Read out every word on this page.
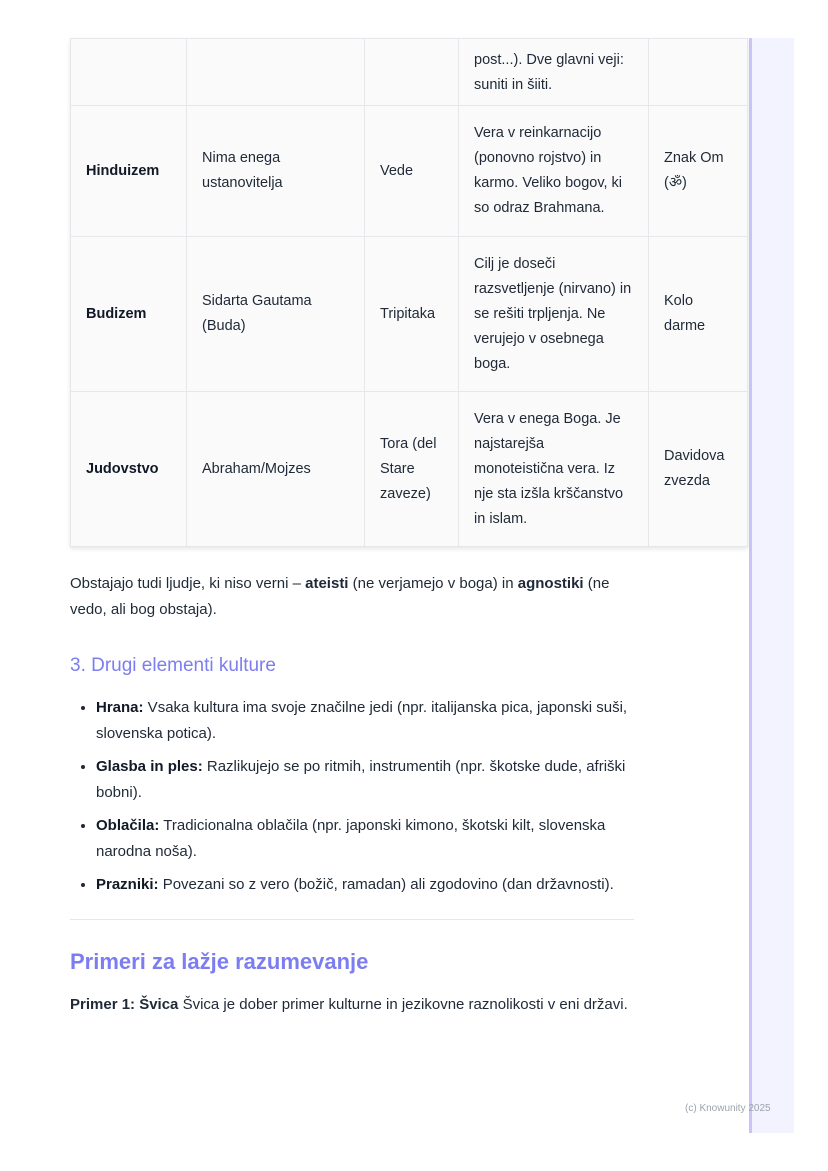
			post...). Dve glavni veji: suniti in šiiti.	

Hinduizem	Nima enega ustanovitelja	Vede	Vera v reinkarnacijo (ponovno rojstvo) in karmo. Veliko bogov, ki so odraz Brahmana.	Znak Om (ॐ)
Budizem	Sidarta Gautama (Buda)	Tripitaka	Cilj je doseči razsvetljenje (nirvano) in se rešiti trpljenja. Ne verujejo v osebnega boga.	Kolo darme
Judovstvo	Abraham/Mojzes	Tora (del Stare zaveze)	Vera v enega Boga. Je najstarejša monoteistična vera. Iz nje sta izšla krščanstvo in islam.	Davidova zvezda

Obstajajo tudi ljudje, ki niso verni – ateisti (ne verjamejo v boga) in agnostiki (ne vedo, ali bog obstaja).

3. Drugi elementi kulture
• Hrana: Vsaka kultura ima svoje značilne jedi (npr. italijanska pica, japonski suši, slovenska potica).
• Glasba in ples: Razlikujejo se po ritmih, instrumentih (npr. škotske dude, afriški bobni).
• Oblačila: Tradicionalna oblačila (npr. japonski kimono, škotski kilt, slovenska narodna noša).
• Prazniki: Povezani so z vero (božič, ramadan) ali zgodovino (dan državnosti).
Primeri za lažje razumevanje

Primer 1: Švica Švica je dober primer kulturne in jezikovne raznolikosti v eni državi.

(c) Knowunity 2025
